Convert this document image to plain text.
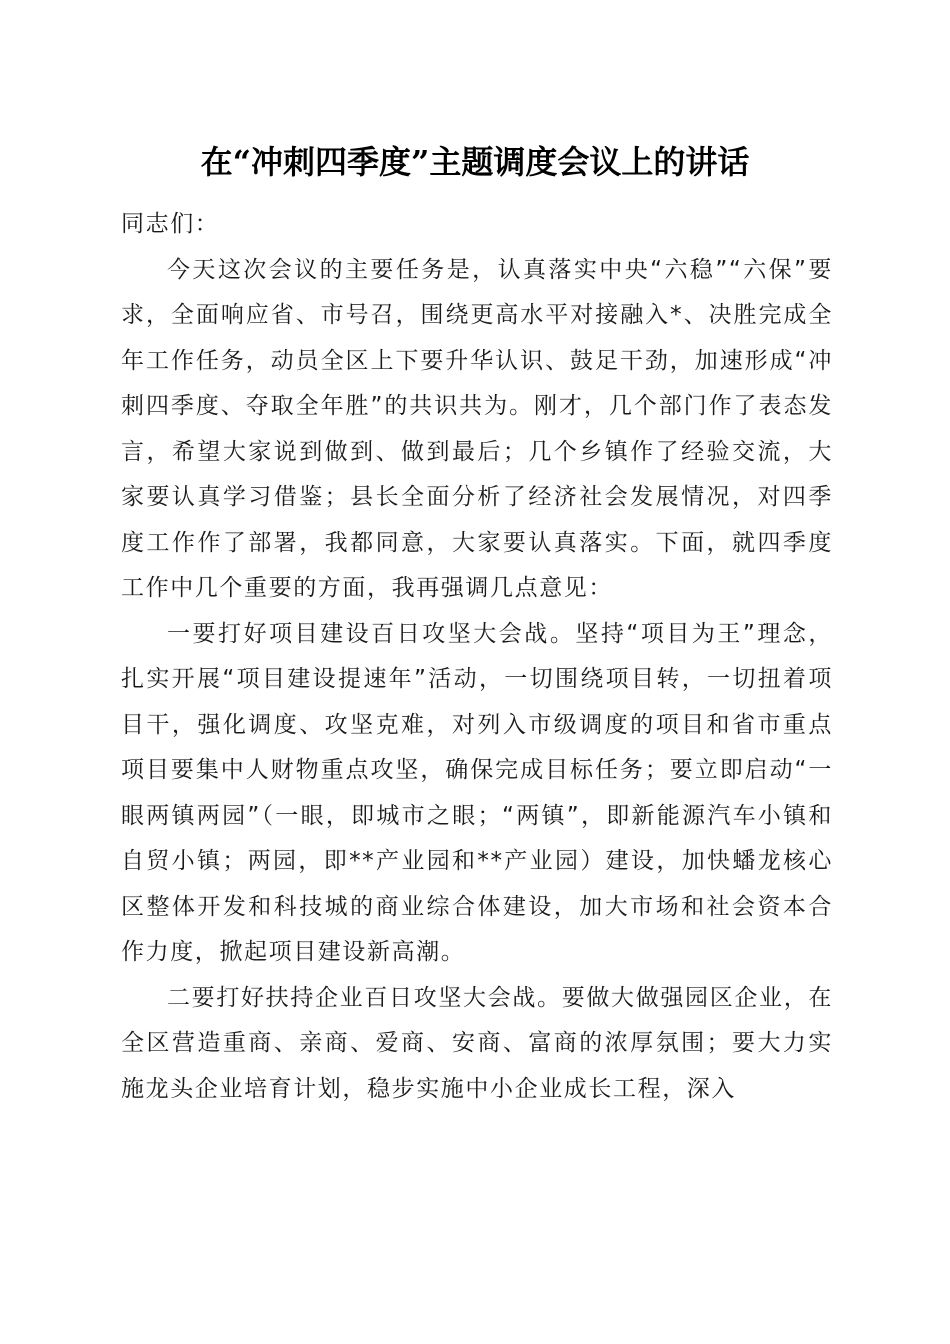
在“冲刺四季度”主题调度会议上的讲话

同志们：

今天这次会议的主要任务是，认真落实中央“六稳”“六保”要求，全面响应省、市号召，围绕更高水平对接融入*、决胜完成全年工作任务，动员全区上下要升华认识、鼓足干劲，加速形成“冲刺四季度、夺取全年胜”的共识共为。刚才，几个部门作了表态发言，希望大家说到做到、做到最后；几个乡镇作了经验交流，大家要认真学习借鉴；县长全面分析了经济社会发展情况，对四季度工作作了部署，我都同意，大家要认真落实。下面，就四季度工作中几个重要的方面，我再强调几点意见：

一要打好项目建设百日攻坚大会战。坚持“项目为王”理念，扎实开展“项目建设提速年”活动，一切围绕项目转，一切扭着项目干，强化调度、攻坚克难，对列入市级调度的项目和省市重点项目要集中人财物重点攻坚，确保完成目标任务；要立即启动“一眼两镇两园”（一眼，即城市之眼；“两镇”，即新能源汽车小镇和自贸小镇；两园，即**产业园和**产业园）建设，加快蟠龙核心区整体开发和科技城的商业综合体建设，加大市场和社会资本合作力度，掀起项目建设新高潮。

二要打好扶持企业百日攻坚大会战。要做大做强园区企业，在全区营造重商、亲商、爱商、安商、富商的浓厚氛围；要大力实施龙头企业培育计划，稳步实施中小企业成长工程，深入
